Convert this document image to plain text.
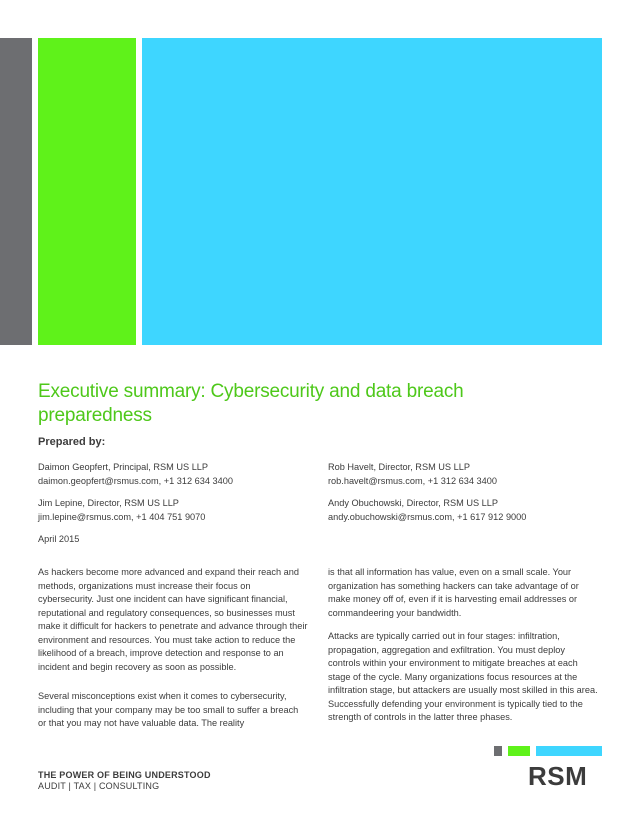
Executive summary: Cybersecurity and data breach preparedness

Prepared by:

Daimon Geopfert, Principal, RSM US LLP
daimon.geopfert@rsmus.com, +1 312 634 3400
Jim Lepine, Director, RSM US LLP
jim.lepine@rsmus.com, +1 404 751 9070
Rob Havelt, Director, RSM US LLP
rob.havelt@rsmus.com, +1 312 634 3400
Andy Obuchowski, Director, RSM US LLP
andy.obuchowski@rsmus.com, +1 617 912 9000
April 2015

As hackers become more advanced and expand their reach and methods, organizations must increase their focus on cybersecurity. Just one incident can have significant financial, reputational and regulatory consequences, so businesses must make it difficult for hackers to penetrate and advance through their environment and resources. You must take action to reduce the likelihood of a breach, improve detection and response to an incident and begin recovery as soon as possible.

Several misconceptions exist when it comes to cybersecurity, including that your company may be too small to suffer a breach or that you may not have valuable data. The reality

is that all information has value, even on a small scale. Your organization has something hackers can take advantage of or make money off of, even if it is harvesting email addresses or commandeering your bandwidth.

Attacks are typically carried out in four stages: infiltration, propagation, aggregation and exfiltration. You must deploy controls within your environment to mitigate breaches at each stage of the cycle. Many organizations focus resources at the infiltration stage, but attackers are usually most skilled in this area. Successfully defending your environment is typically tied to the strength of controls in the latter three phases.

THE POWER OF BEING UNDERSTOOD
AUDIT | TAX | CONSULTING	RSM
